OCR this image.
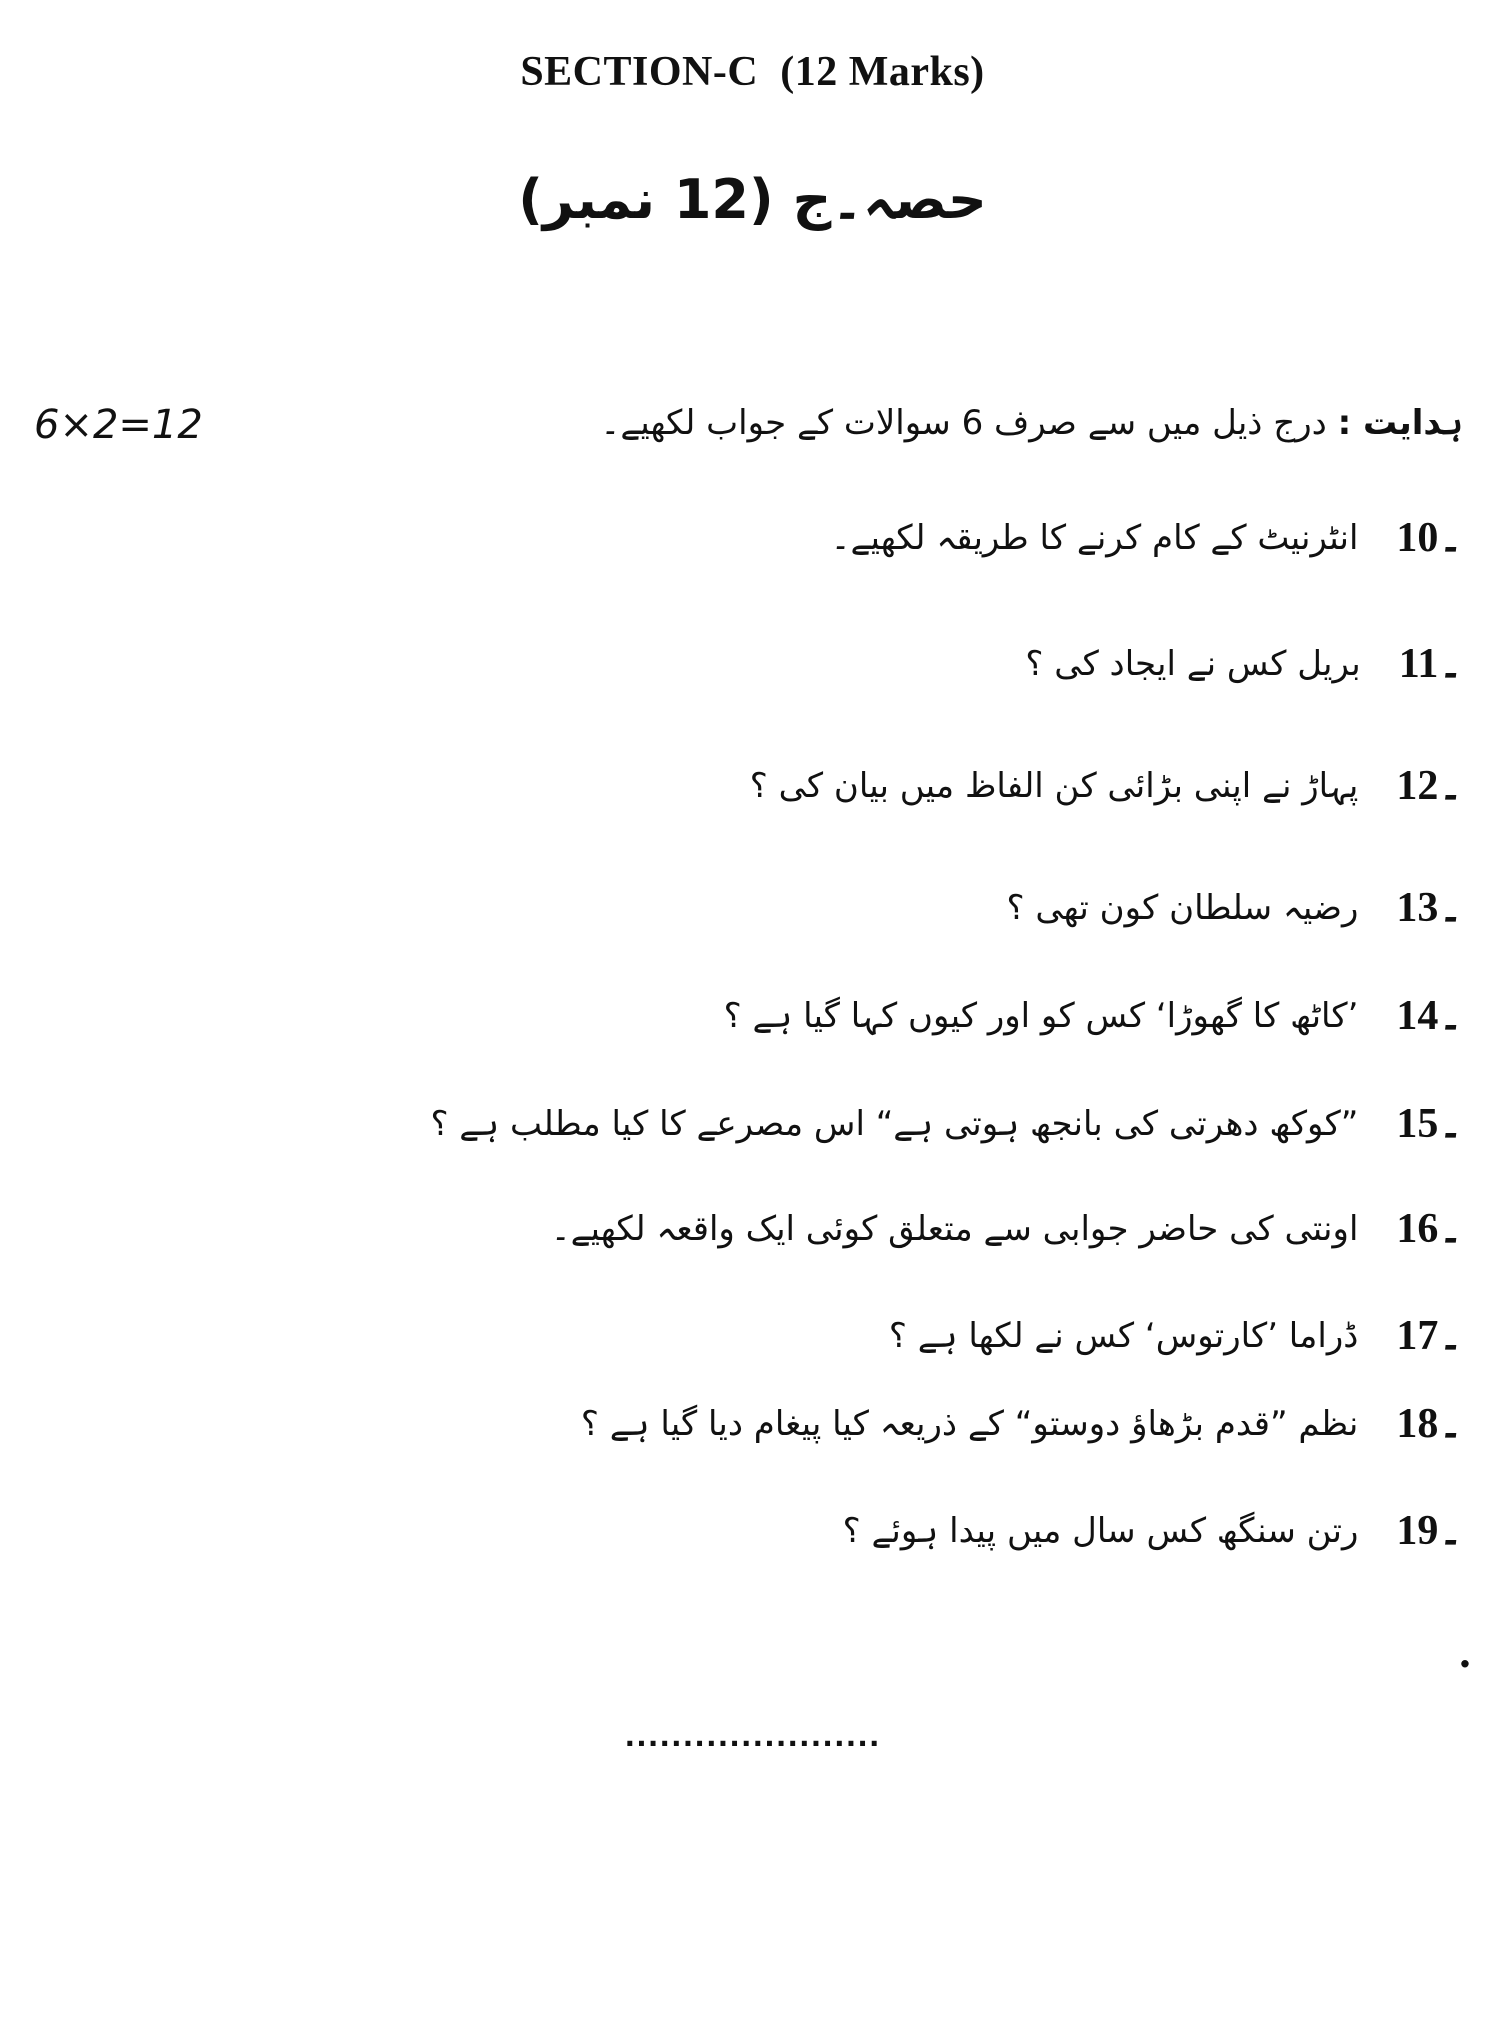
SECTION-C (12 Marks)
حصہ۔ج (12 نمبر)
6×2=12	ہدایت : درج ذیل میں سے صرف 6 سوالات کے جواب لکھیے۔
10۔انٹرنیٹ کے کام کرنے کا طریقہ لکھیے۔
11۔بریل کس نے ایجاد کی ؟
12۔پہاڑ نے اپنی بڑائی کن الفاظ میں بیان کی ؟
13۔رضیہ سلطان کون تھی ؟
14۔’کاٹھ کا گھوڑا‘ کس کو اور کیوں کہا گیا ہے ؟
15۔”کوکھ دھرتی کی بانجھ ہوتی ہے“ اس مصرعے کا کیا مطلب ہے ؟
16۔اونتی کی حاضر جوابی سے متعلق کوئی ایک واقعہ لکھیے۔
17۔ڈراما ’کارتوس‘ کس نے لکھا ہے ؟
18۔نظم ”قدم بڑھاؤ دوستو“ کے ذریعہ کیا پیغام دیا گیا ہے ؟
19۔رتن سنگھ کس سال میں پیدا ہوئے ؟
.
......................
